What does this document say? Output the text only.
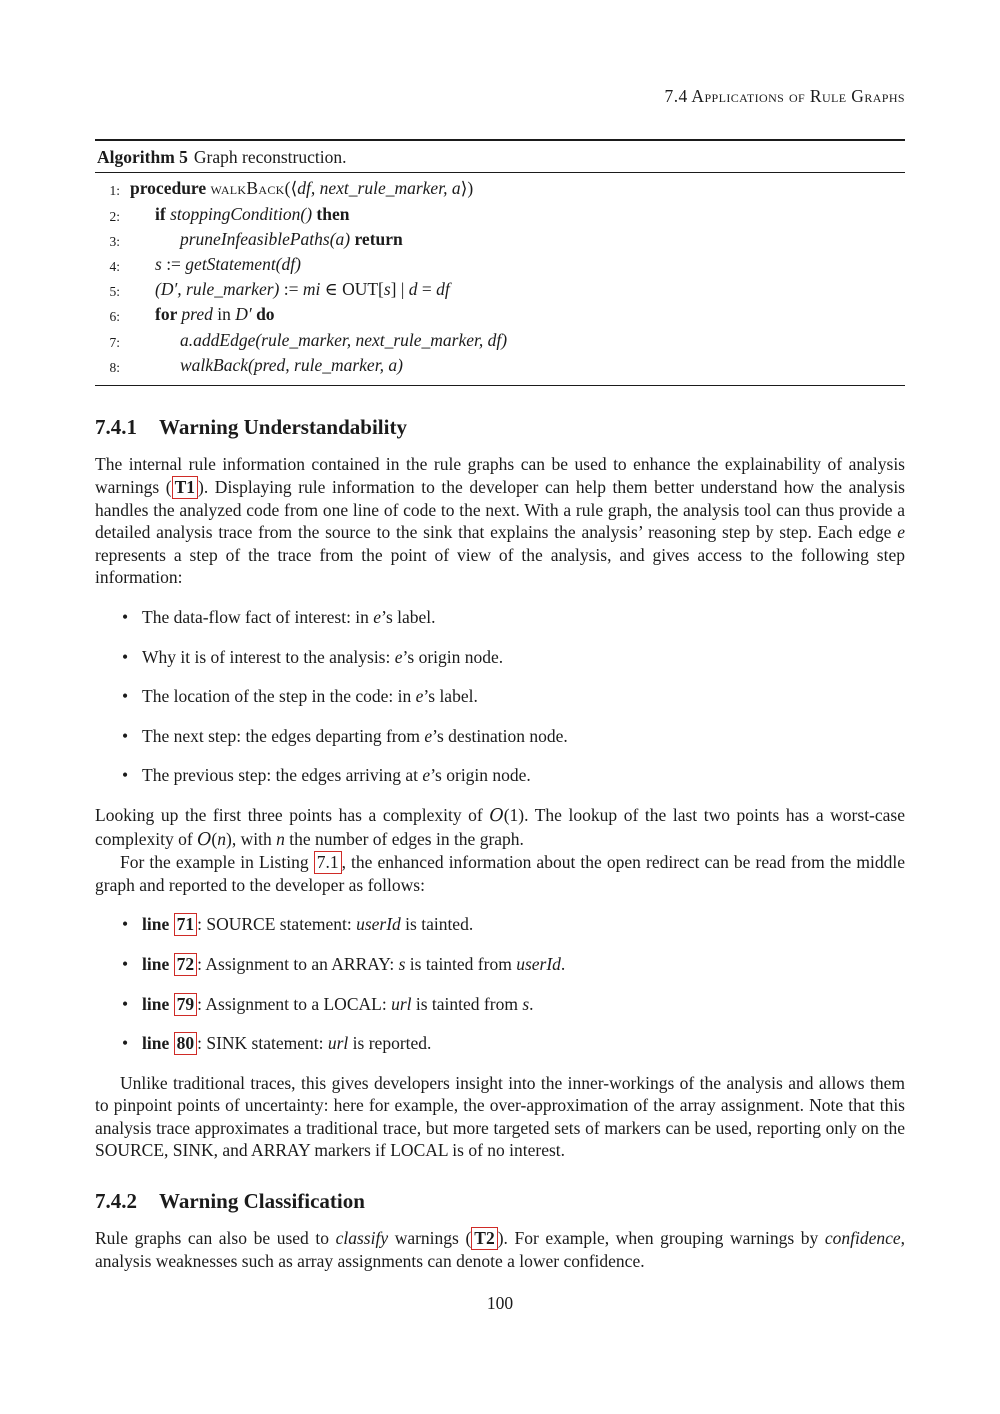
7.4 Applications of Rule Graphs
Algorithm 5 Graph reconstruction.
1: procedure walkBack(⟨df, next_rule_marker, a⟩)
2:	if stoppingCondition() then
3:	pruneInfeasiblePaths(a) return
4:	s := getStatement(df)
5:	(D′, rule_marker) := mi ∈ OUT[s] | d = df
6:	for pred in D′ do
7:	a.addEdge(rule_marker, next_rule_marker, df)
8:	walkBack(pred, rule_marker, a)
7.4.1 Warning Understandability

The internal rule information contained in the rule graphs can be used to enhance the explainability of analysis warnings ( T1 ). Displaying rule information to the developer can help them better understand how the analysis handles the analyzed code from one line of code to the next. With a rule graph, the analysis tool can thus provide a detailed analysis trace from the source to the sink that explains the analysis’ reasoning step by step. Each edge e represents a step of the trace from the point of view of the analysis, and gives access to the following step information:

• The data-flow fact of interest: in e’s label.
• Why it is of interest to the analysis: e’s origin node.
• The location of the step in the code: in e’s label.
• The next step: the edges departing from e’s destination node.
• The previous step: the edges arriving at e’s origin node.

Looking up the first three points has a complexity of O(1). The lookup of the last two points has a worst-case complexity of O(n), with n the number of edges in the graph.

For the example in Listing 7.1 , the enhanced information about the open redirect can be read from the middle graph and reported to the developer as follows:

• line 71 : SOURCE statement: userId is tainted.
• line 72 : Assignment to an ARRAY: s is tainted from userId.
• line 79 : Assignment to a LOCAL: url is tainted from s.
• line 80 : SINK statement: url is reported.

Unlike traditional traces, this gives developers insight into the inner-workings of the analysis and allows them to pinpoint points of uncertainty: here for example, the over-approximation of the array assignment. Note that this analysis trace approximates a traditional trace, but more targeted sets of markers can be used, reporting only on the SOURCE, SINK, and ARRAY markers if LOCAL is of no interest.

7.4.2 Warning Classification

Rule graphs can also be used to classify warnings ( T2 ). For example, when grouping warnings by confidence, analysis weaknesses such as array assignments can denote a lower confidence.

100
